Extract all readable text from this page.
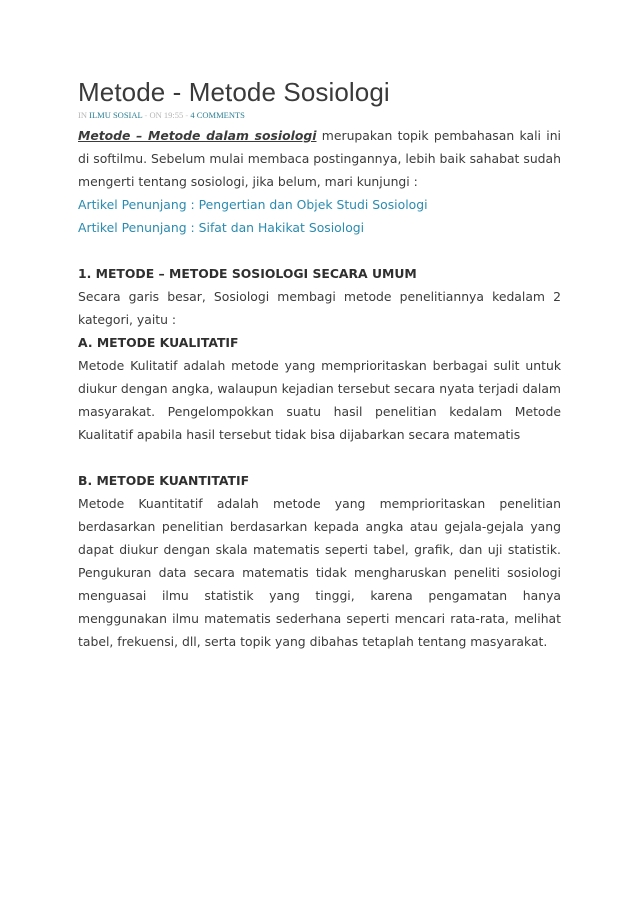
Metode - Metode Sosiologi
IN ILMU SOSIAL - ON 19:55 - 4 COMMENTS

Metode – Metode dalam sosiologi merupakan topik pembahasan kali ini di softilmu. Sebelum mulai membaca postingannya, lebih baik sahabat sudah mengerti tentang sosiologi, jika belum, mari kunjungi :

Artikel Penunjang : Pengertian dan Objek Studi Sosiologi

Artikel Penunjang : Sifat dan Hakikat Sosiologi

1. METODE – METODE SOSIOLOGI SECARA UMUM

Secara garis besar, Sosiologi membagi metode penelitiannya kedalam 2 kategori, yaitu :

A. METODE KUALITATIF

Metode Kulitatif adalah metode yang memprioritaskan berbagai sulit untuk diukur dengan angka, walaupun kejadian tersebut secara nyata terjadi dalam masyarakat. Pengelompokkan suatu hasil penelitian kedalam Metode Kualitatif apabila hasil tersebut tidak bisa dijabarkan secara matematis

B. METODE KUANTITATIF

Metode Kuantitatif adalah metode yang memprioritaskan penelitian berdasarkan penelitian berdasarkan kepada angka atau gejala-gejala yang dapat diukur dengan skala matematis seperti tabel, grafik, dan uji statistik. Pengukuran data secara matematis tidak mengharuskan peneliti sosiologi menguasai ilmu statistik yang tinggi, karena pengamatan hanya menggunakan ilmu matematis sederhana seperti mencari rata-rata, melihat tabel, frekuensi, dll, serta topik yang dibahas tetaplah tentang masyarakat.
